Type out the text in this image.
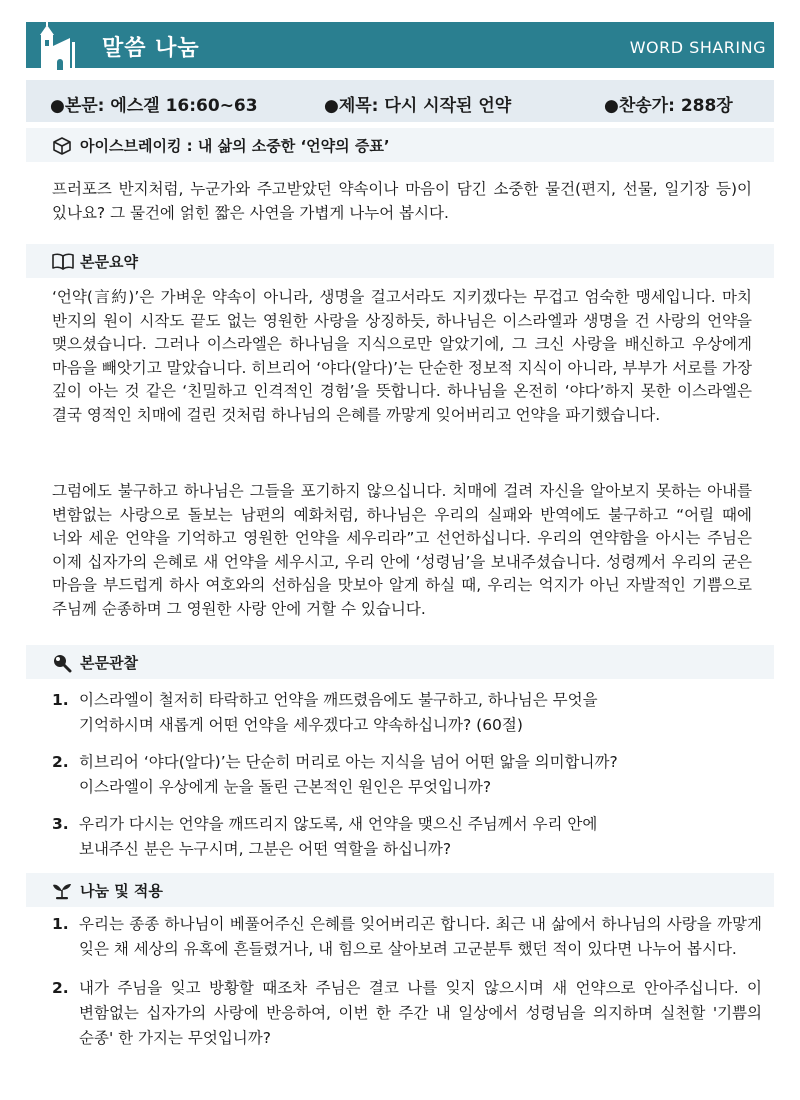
말씀 나눔	WORD SHARING
●본문: 에스겔 16:60~63	●제목: 다시 시작된 언약	●찬송가: 288장
아이스브레이킹 : 내 삶의 소중한 ‘언약의 증표’
프러포즈 반지처럼, 누군가와 주고받았던 약속이나 마음이 담긴 소중한 물건(편지, 선물, 일기장 등)이 있나요? 그 물건에 얽힌 짧은 사연을 가볍게 나누어 봅시다.
본문요약
‘언약(言約)’은 가벼운 약속이 아니라, 생명을 걸고서라도 지키겠다는 무겁고 엄숙한 맹세입니다. 마치 반지의 원이 시작도 끝도 없는 영원한 사랑을 상징하듯, 하나님은 이스라엘과 생명을 건 사랑의 언약을 맺으셨습니다. 그러나 이스라엘은 하나님을 지식으로만 알았기에, 그 크신 사랑을 배신하고 우상에게 마음을 빼앗기고 말았습니다. 히브리어 ‘야다(알다)’는 단순한 정보적 지식이 아니라, 부부가 서로를 가장 깊이 아는 것 같은 ‘친밀하고 인격적인 경험’을 뜻합니다. 하나님을 온전히 ‘야다’하지 못한 이스라엘은 결국 영적인 치매에 걸린 것처럼 하나님의 은혜를 까맣게 잊어버리고 언약을 파기했습니다.
그럼에도 불구하고 하나님은 그들을 포기하지 않으십니다. 치매에 걸려 자신을 알아보지 못하는 아내를 변함없는 사랑으로 돌보는 남편의 예화처럼, 하나님은 우리의 실패와 반역에도 불구하고 “어릴 때에 너와 세운 언약을 기억하고 영원한 언약을 세우리라”고 선언하십니다. 우리의 연약함을 아시는 주님은 이제 십자가의 은혜로 새 언약을 세우시고, 우리 안에 ‘성령님’을 보내주셨습니다. 성령께서 우리의 굳은 마음을 부드럽게 하사 여호와의 선하심을 맛보아 알게 하실 때, 우리는 억지가 아닌 자발적인 기쁨으로 주님께 순종하며 그 영원한 사랑 안에 거할 수 있습니다.
본문관찰
1. 이스라엘이 철저히 타락하고 언약을 깨뜨렸음에도 불구하고, 하나님은 무엇을
기억하시며 새롭게 어떤 언약을 세우겠다고 약속하십니까? (60절)
2. 히브리어 ‘야다(알다)’는 단순히 머리로 아는 지식을 넘어 어떤 앎을 의미합니까?
이스라엘이 우상에게 눈을 돌린 근본적인 원인은 무엇입니까?
3. 우리가 다시는 언약을 깨뜨리지 않도록, 새 언약을 맺으신 주님께서 우리 안에
보내주신 분은 누구시며, 그분은 어떤 역할을 하십니까?
나눔 및 적용
1. 우리는 종종 하나님이 베풀어주신 은혜를 잊어버리곤 합니다. 최근 내 삶에서 하나님의 사랑을 까맣게 잊은 채 세상의 유혹에 흔들렸거나, 내 힘으로 살아보려 고군분투 했던 적이 있다면 나누어 봅시다.
2. 내가 주님을 잊고 방황할 때조차 주님은 결코 나를 잊지 않으시며 새 언약으로 안아주십니다. 이 변함없는 십자가의 사랑에 반응하여, 이번 한 주간 내 일상에서 성령님을 의지하며 실천할 '기쁨의 순종' 한 가지는 무엇입니까?
